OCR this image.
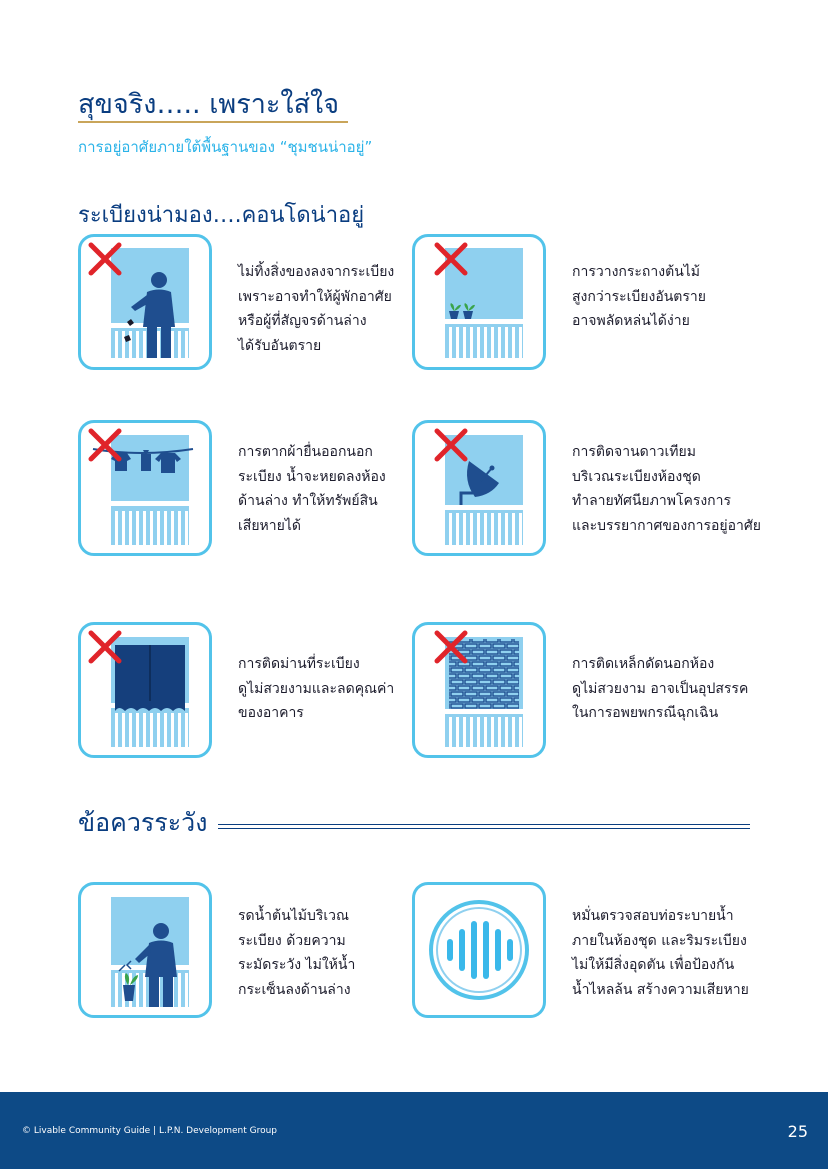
สุขจริง….. เพราะใส่ใจ
การอยู่อาศัยภายใต้พื้นฐานของ “ชุมชนน่าอยู่”
ระเบียงน่ามอง….คอนโดน่าอยู่
ไม่ทิ้งสิ่งของลงจากระเบียง
เพราะอาจทำให้ผู้พักอาศัย
หรือผู้ที่สัญจรด้านล่าง
ได้รับอันตราย
การวางกระถางต้นไม้
สูงกว่าระเบียงอันตราย
อาจพลัดหล่นได้ง่าย
การตากผ้ายื่นออกนอก
ระเบียง น้ำจะหยดลงห้อง
ด้านล่าง ทำให้ทรัพย์สิน
เสียหายได้
การติดจานดาวเทียม
บริเวณระเบียงห้องชุด
ทำลายทัศนียภาพโครงการ
และบรรยากาศของการอยู่อาศัย
การติดม่านที่ระเบียง
ดูไม่สวยงามและลดคุณค่า
ของอาคาร
การติดเหล็กดัดนอกห้อง
ดูไม่สวยงาม อาจเป็นอุปสรรค
ในการอพยพกรณีฉุกเฉิน
ข้อควรระวัง
รดน้ำต้นไม้บริเวณ
ระเบียง ด้วยความ
ระมัดระวัง ไม่ให้น้ำ
กระเซ็นลงด้านล่าง
หมั่นตรวจสอบท่อระบายน้ำ
ภายในห้องชุด และริมระเบียง
ไม่ให้มีสิ่งอุดตัน เพื่อป้องกัน
น้ำไหลล้น สร้างความเสียหาย
© Livable Community Guide | L.P.N. Development Group	25
